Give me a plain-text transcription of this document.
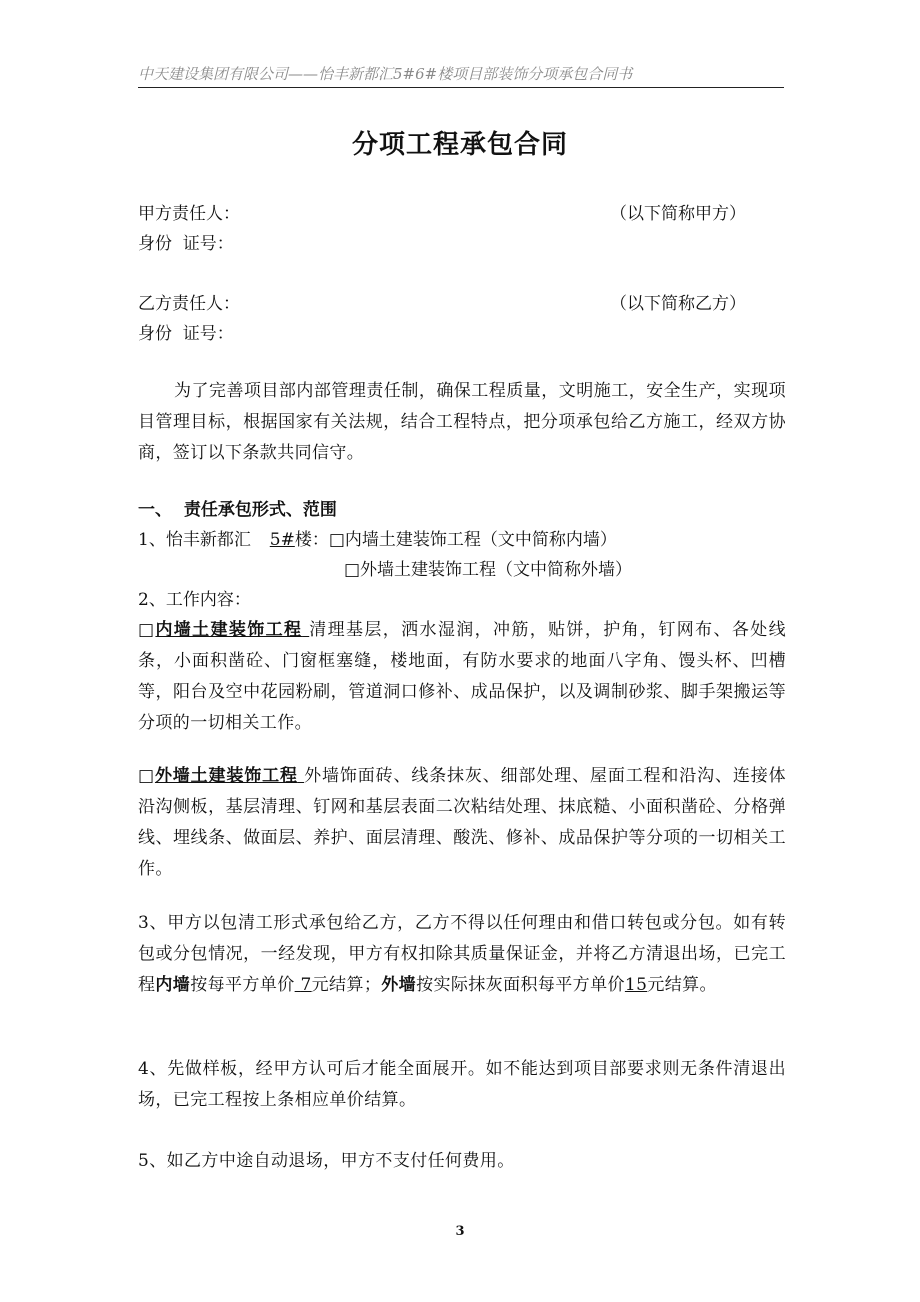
中天建设集团有限公司——怡丰新都汇5#6#楼项目部装饰分项承包合同书
分项工程承包合同
甲方责任人：	（以下简称甲方）
身份  证号：
乙方责任人：	（以下简称乙方）
身份  证号：
为了完善项目部内部管理责任制，确保工程质量，文明施工，安全生产，实现项目管理目标，根据国家有关法规，结合工程特点，把分项承包给乙方施工，经双方协商，签订以下条款共同信守。
一、  责任承包形式、范围
1、怡丰新都汇 5#楼：□内墙土建装饰工程（文中简称内墙）
□外墙土建装饰工程（文中简称外墙）
2、工作内容：
□内墙土建装饰工程 清理基层，洒水湿润，冲筋，贴饼，护角，钉网布、各处线条，小面积凿砼、门窗框塞缝，楼地面，有防水要求的地面八字角、馒头杯、凹槽等，阳台及空中花园粉刷，管道洞口修补、成品保护，以及调制砂浆、脚手架搬运等分项的一切相关工作。
□外墙土建装饰工程 外墙饰面砖、线条抹灰、细部处理、屋面工程和沿沟、连接体沿沟侧板，基层清理、钉网和基层表面二次粘结处理、抹底糙、小面积凿砼、分格弹线、埋线条、做面层、养护、面层清理、酸洗、修补、成品保护等分项的一切相关工作。
3、甲方以包清工形式承包给乙方，乙方不得以任何理由和借口转包或分包。如有转包或分包情况，一经发现，甲方有权扣除其质量保证金，并将乙方清退出场，已完工程内墙按每平方单价 7元结算；外墙按实际抹灰面积每平方单价15元结算。
4、先做样板，经甲方认可后才能全面展开。如不能达到项目部要求则无条件清退出场，已完工程按上条相应单价结算。
5、如乙方中途自动退场，甲方不支付任何费用。
3
